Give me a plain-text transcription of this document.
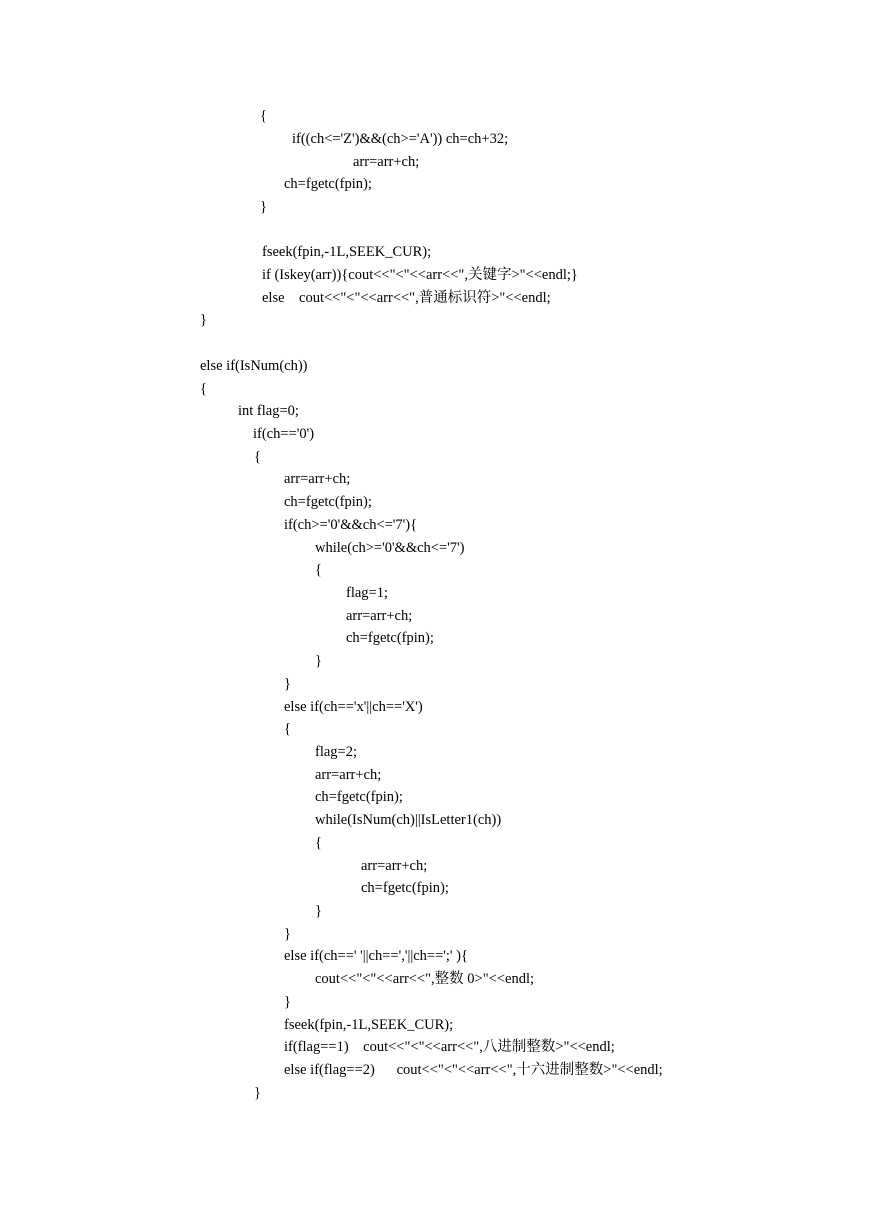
{

if((ch<='Z')&&(ch>='A')) ch=ch+32;

arr=arr+ch;

ch=fgetc(fpin);

}

fseek(fpin,-1L,SEEK_CUR);

if (Iskey(arr)){cout<<"<"<<arr<<",关键字>"<<endl;}

else    cout<<"<"<<arr<<",普通标识符>"<<endl;

}

else if(IsNum(ch))

{

int flag=0;

if(ch=='0')

{

arr=arr+ch;

ch=fgetc(fpin);

if(ch>='0'&&ch<='7'){

while(ch>='0'&&ch<='7')

{

flag=1;

arr=arr+ch;

ch=fgetc(fpin);

}

}

else if(ch=='x'||ch=='X')

{

flag=2;

arr=arr+ch;

ch=fgetc(fpin);

while(IsNum(ch)||IsLetter1(ch))

{

arr=arr+ch;

ch=fgetc(fpin);

}

}

else if(ch==' '||ch==','||ch==';' ){

cout<<"<"<<arr<<",整数 0>"<<endl;

}

fseek(fpin,-1L,SEEK_CUR);

if(flag==1)    cout<<"<"<<arr<<",八进制整数>"<<endl;

else if(flag==2)      cout<<"<"<<arr<<",十六进制整数>"<<endl;

}
